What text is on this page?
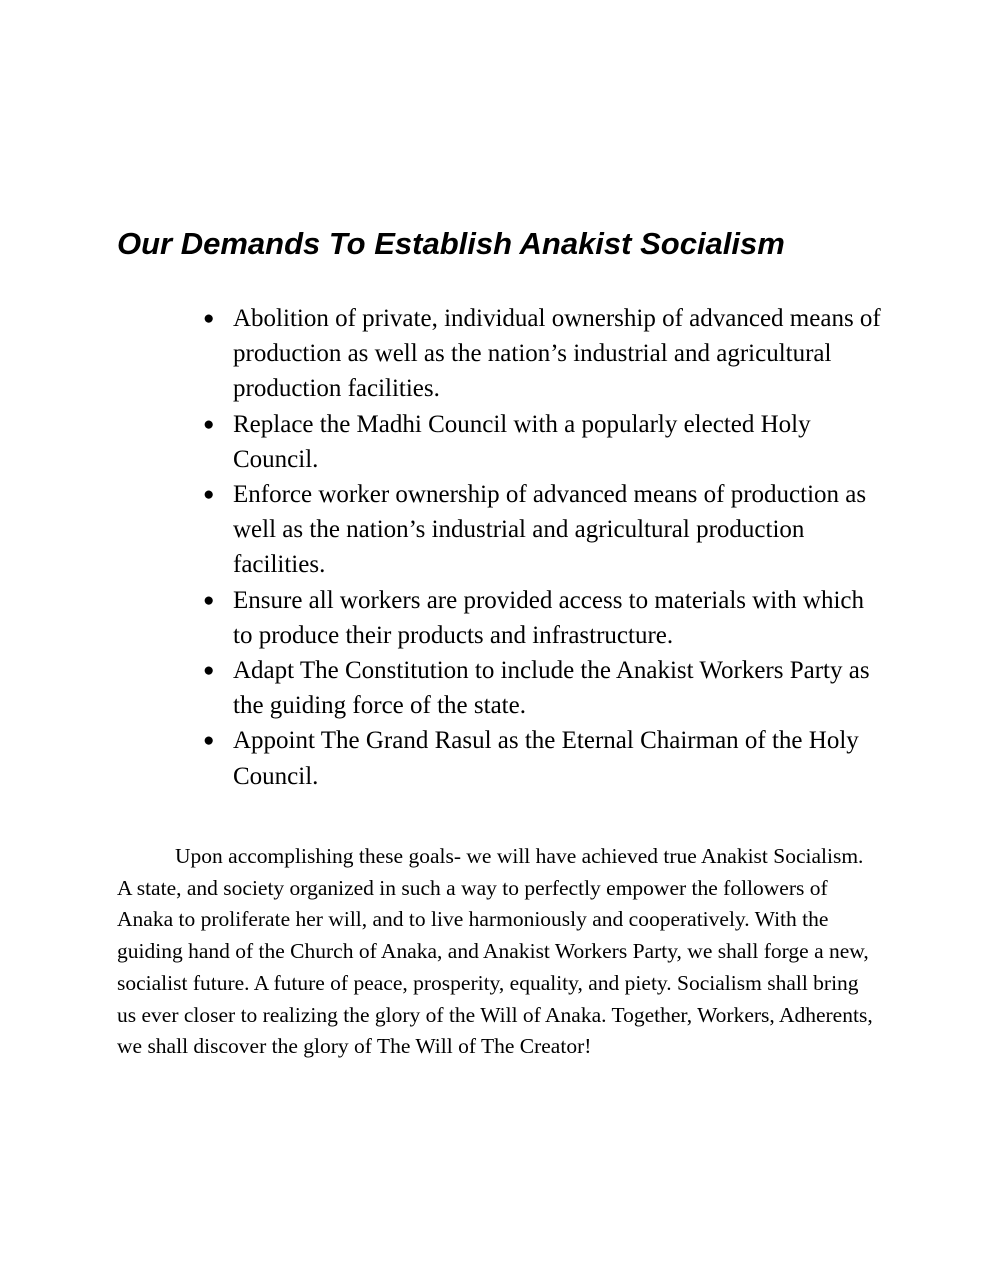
Our Demands To Establish Anakist Socialism
● Abolition of private, individual ownership of advanced means of production as well as the nation’s industrial and agricultural production facilities.
● Replace the Madhi Council with a popularly elected Holy Council.
● Enforce worker ownership of advanced means of production as well as the nation’s industrial and agricultural production facilities.
● Ensure all workers are provided access to materials with which to produce their products and infrastructure.
● Adapt The Constitution to include the Anakist Workers Party as the guiding force of the state.
● Appoint The Grand Rasul as the Eternal Chairman of the Holy Council.

Upon accomplishing these goals- we will have achieved true Anakist Socialism. A state, and society organized in such a way to perfectly empower the followers of Anaka to proliferate her will, and to live harmoniously and cooperatively. With the guiding hand of the Church of Anaka, and Anakist Workers Party, we shall forge a new, socialist future. A future of peace, prosperity, equality, and piety. Socialism shall bring us ever closer to realizing the glory of the Will of Anaka. Together, Workers, Adherents, we shall discover the glory of The Will of The Creator!
